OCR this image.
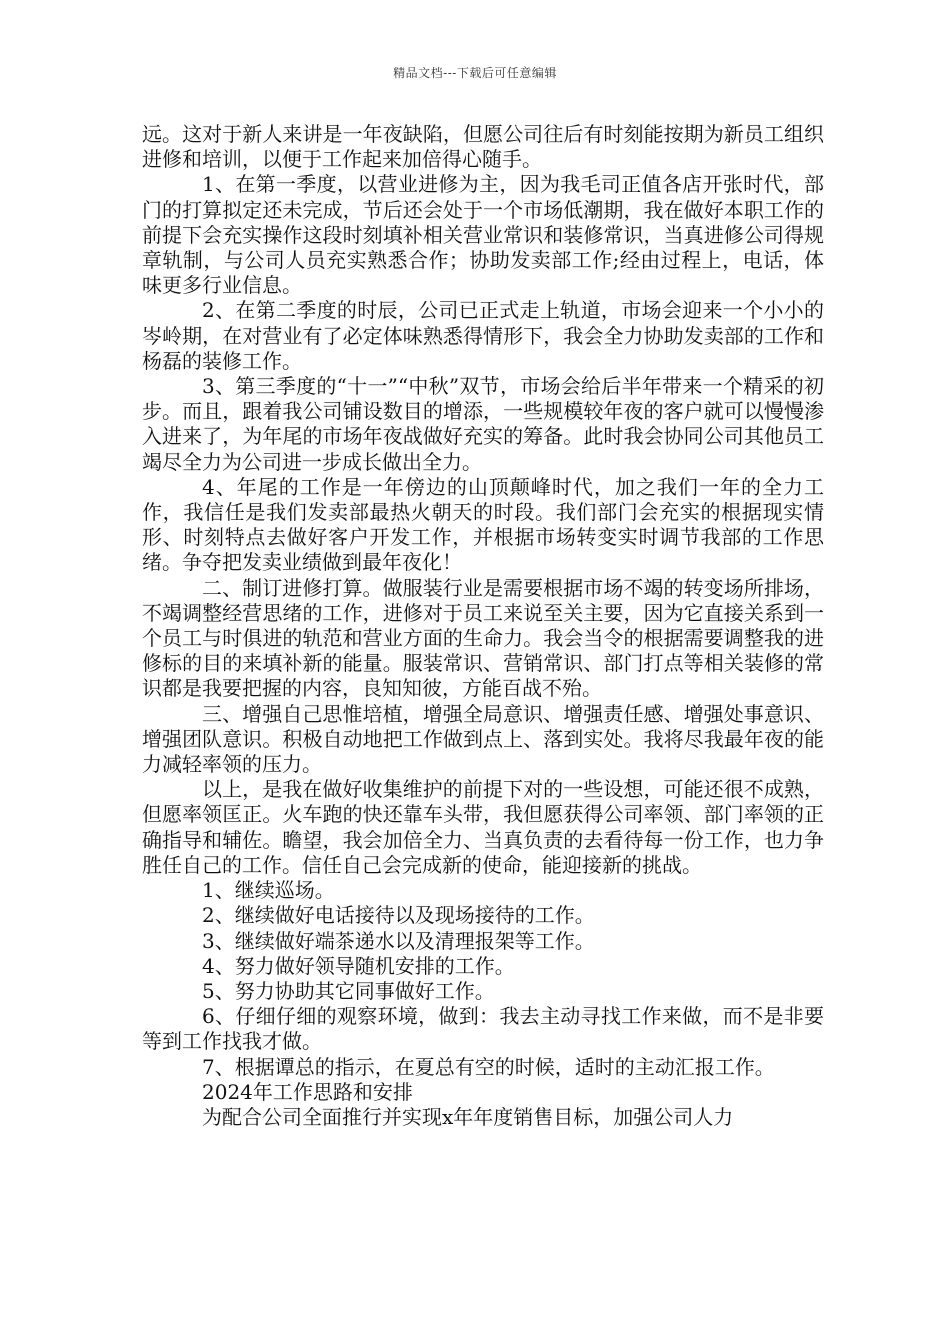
精品文档---下载后可任意编辑

远。这对于新人来讲是一年夜缺陷，但愿公司往后有时刻能按期为新员工组织进修和培训，以便于工作起来加倍得心随手。

1、在第一季度，以营业进修为主，因为我毛司正值各店开张时代，部门的打算拟定还未完成，节后还会处于一个市场低潮期，我在做好本职工作的前提下会充实操作这段时刻填补相关营业常识和装修常识，当真进修公司得规章轨制，与公司人员充实熟悉合作；协助发卖部工作;经由过程上，电话，体味更多行业信息。

2、在第二季度的时辰，公司已正式走上轨道，市场会迎来一个小小的岑岭期，在对营业有了必定体味熟悉得情形下，我会全力协助发卖部的工作和杨磊的装修工作。

3、第三季度的“十一”“中秋”双节，市场会给后半年带来一个精采的初步。而且，跟着我公司铺设数目的增添，一些规模较年夜的客户就可以慢慢渗入进来了，为年尾的市场年夜战做好充实的筹备。此时我会协同公司其他员工竭尽全力为公司进一步成长做出全力。

4、年尾的工作是一年傍边的山顶颠峰时代，加之我们一年的全力工作，我信任是我们发卖部最热火朝天的时段。我们部门会充实的根据现实情形、时刻特点去做好客户开发工作，并根据市场转变实时调节我部的工作思绪。争夺把发卖业绩做到最年夜化！

二、制订进修打算。做服装行业是需要根据市场不竭的转变场所排场，不竭调整经营思绪的工作，进修对于员工来说至关主要，因为它直接关系到一个员工与时俱进的轨范和营业方面的生命力。我会当令的根据需要调整我的进修标的目的来填补新的能量。服装常识、营销常识、部门打点等相关装修的常识都是我要把握的内容，良知知彼，方能百战不殆。

三、增强自己思惟培植，增强全局意识、增强责任感、增强处事意识、增强团队意识。积极自动地把工作做到点上、落到实处。我将尽我最年夜的能力减轻率领的压力。

以上，是我在做好收集维护的前提下对的一些设想，可能还很不成熟，但愿率领匡正。火车跑的快还靠车头带，我但愿获得公司率领、部门率领的正确指导和辅佐。瞻望，我会加倍全力、当真负责的去看待每一份工作，也力争胜任自己的工作。信任自己会完成新的使命，能迎接新的挑战。

1、继续巡场。

2、继续做好电话接待以及现场接待的工作。

3、继续做好端茶递水以及清理报架等工作。

4、努力做好领导随机安排的工作。

5、努力协助其它同事做好工作。

6、仔细仔细的观察环境，做到：我去主动寻找工作来做，而不是非要等到工作找我才做。

7、根据谭总的指示，在夏总有空的时候，适时的主动汇报工作。

2024年工作思路和安排

为配合公司全面推行并实现x年年度销售目标，加强公司人力
